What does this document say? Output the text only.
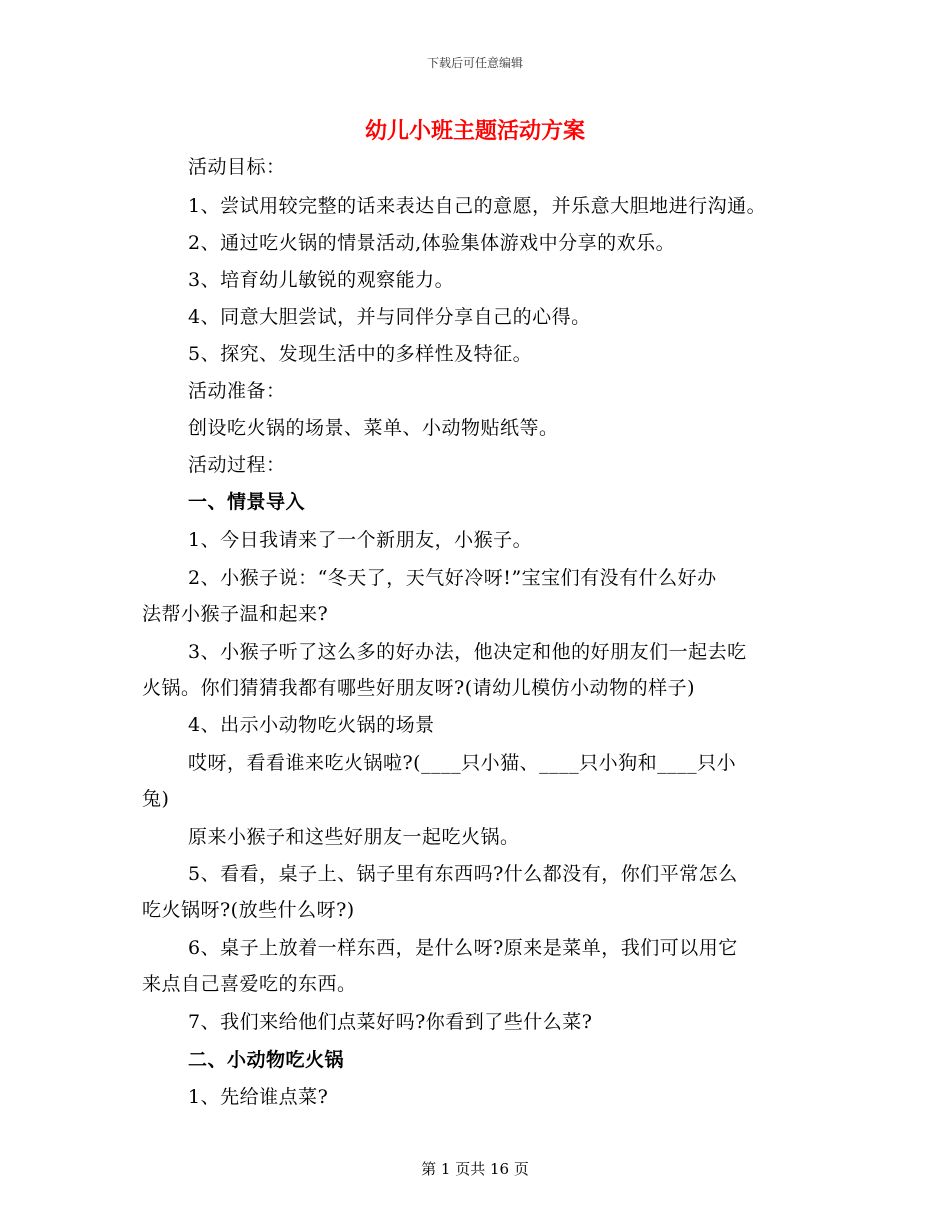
下载后可任意编辑
幼儿小班主题活动方案
活动目标：
1、尝试用较完整的话来表达自己的意愿，并乐意大胆地进行沟通。
2、通过吃火锅的情景活动,体验集体游戏中分享的欢乐。
3、培育幼儿敏锐的观察能力。
4、同意大胆尝试，并与同伴分享自己的心得。
5、探究、发现生活中的多样性及特征。
活动准备：
创设吃火锅的场景、菜单、小动物贴纸等。
活动过程：
一、情景导入
1、今日我请来了一个新朋友，小猴子。
2、小猴子说：“冬天了，天气好冷呀!”宝宝们有没有什么好办
法帮小猴子温和起来?
3、小猴子听了这么多的好办法，他决定和他的好朋友们一起去吃
火锅。你们猜猜我都有哪些好朋友呀?(请幼儿模仿小动物的样子)
4、出示小动物吃火锅的场景
哎呀，看看谁来吃火锅啦?(____只小猫、____只小狗和____只小
兔)
原来小猴子和这些好朋友一起吃火锅。
5、看看，桌子上、锅子里有东西吗?什么都没有，你们平常怎么
吃火锅呀?(放些什么呀?)
6、桌子上放着一样东西，是什么呀?原来是菜单，我们可以用它
来点自己喜爱吃的东西。
7、我们来给他们点菜好吗?你看到了些什么菜?
二、小动物吃火锅
1、先给谁点菜?
第 1 页共 16 页
